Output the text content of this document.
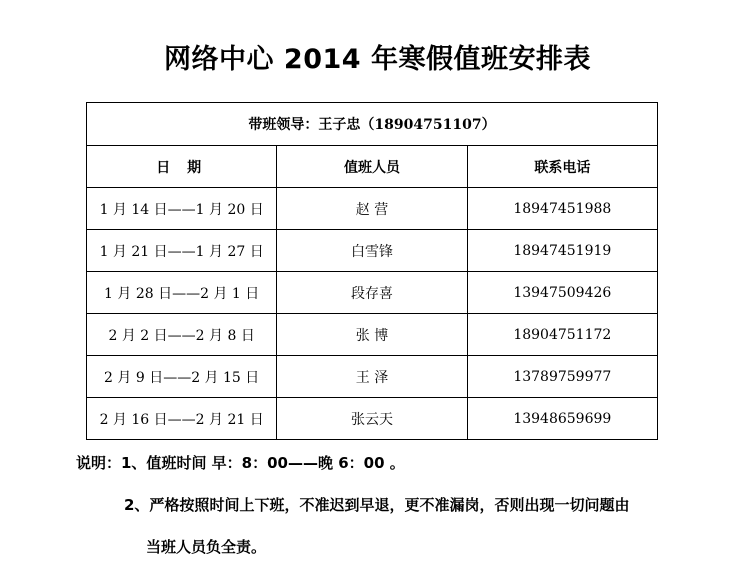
网络中心 2014 年寒假值班安排表
带班领导：王子忠（18904751107）		
日 期	值班人员	联系电话
1 月 14 日——1 月 20 日	赵 营	18947451988
1 月 21 日——1 月 27 日	白雪锋	18947451919
1 月 28 日——2 月 1 日	段存喜	13947509426
2 月 2 日——2 月 8 日	张 博	18904751172
2 月 9 日——2 月 15 日	王 泽	13789759977
2 月 16 日——2 月 21 日	张云天	13948659699
说明：1、值班时间 早：8：00——晚 6：00 。
2、严格按照时间上下班，不准迟到早退，更不准漏岗，否则出现一切问题由
当班人员负全责。
